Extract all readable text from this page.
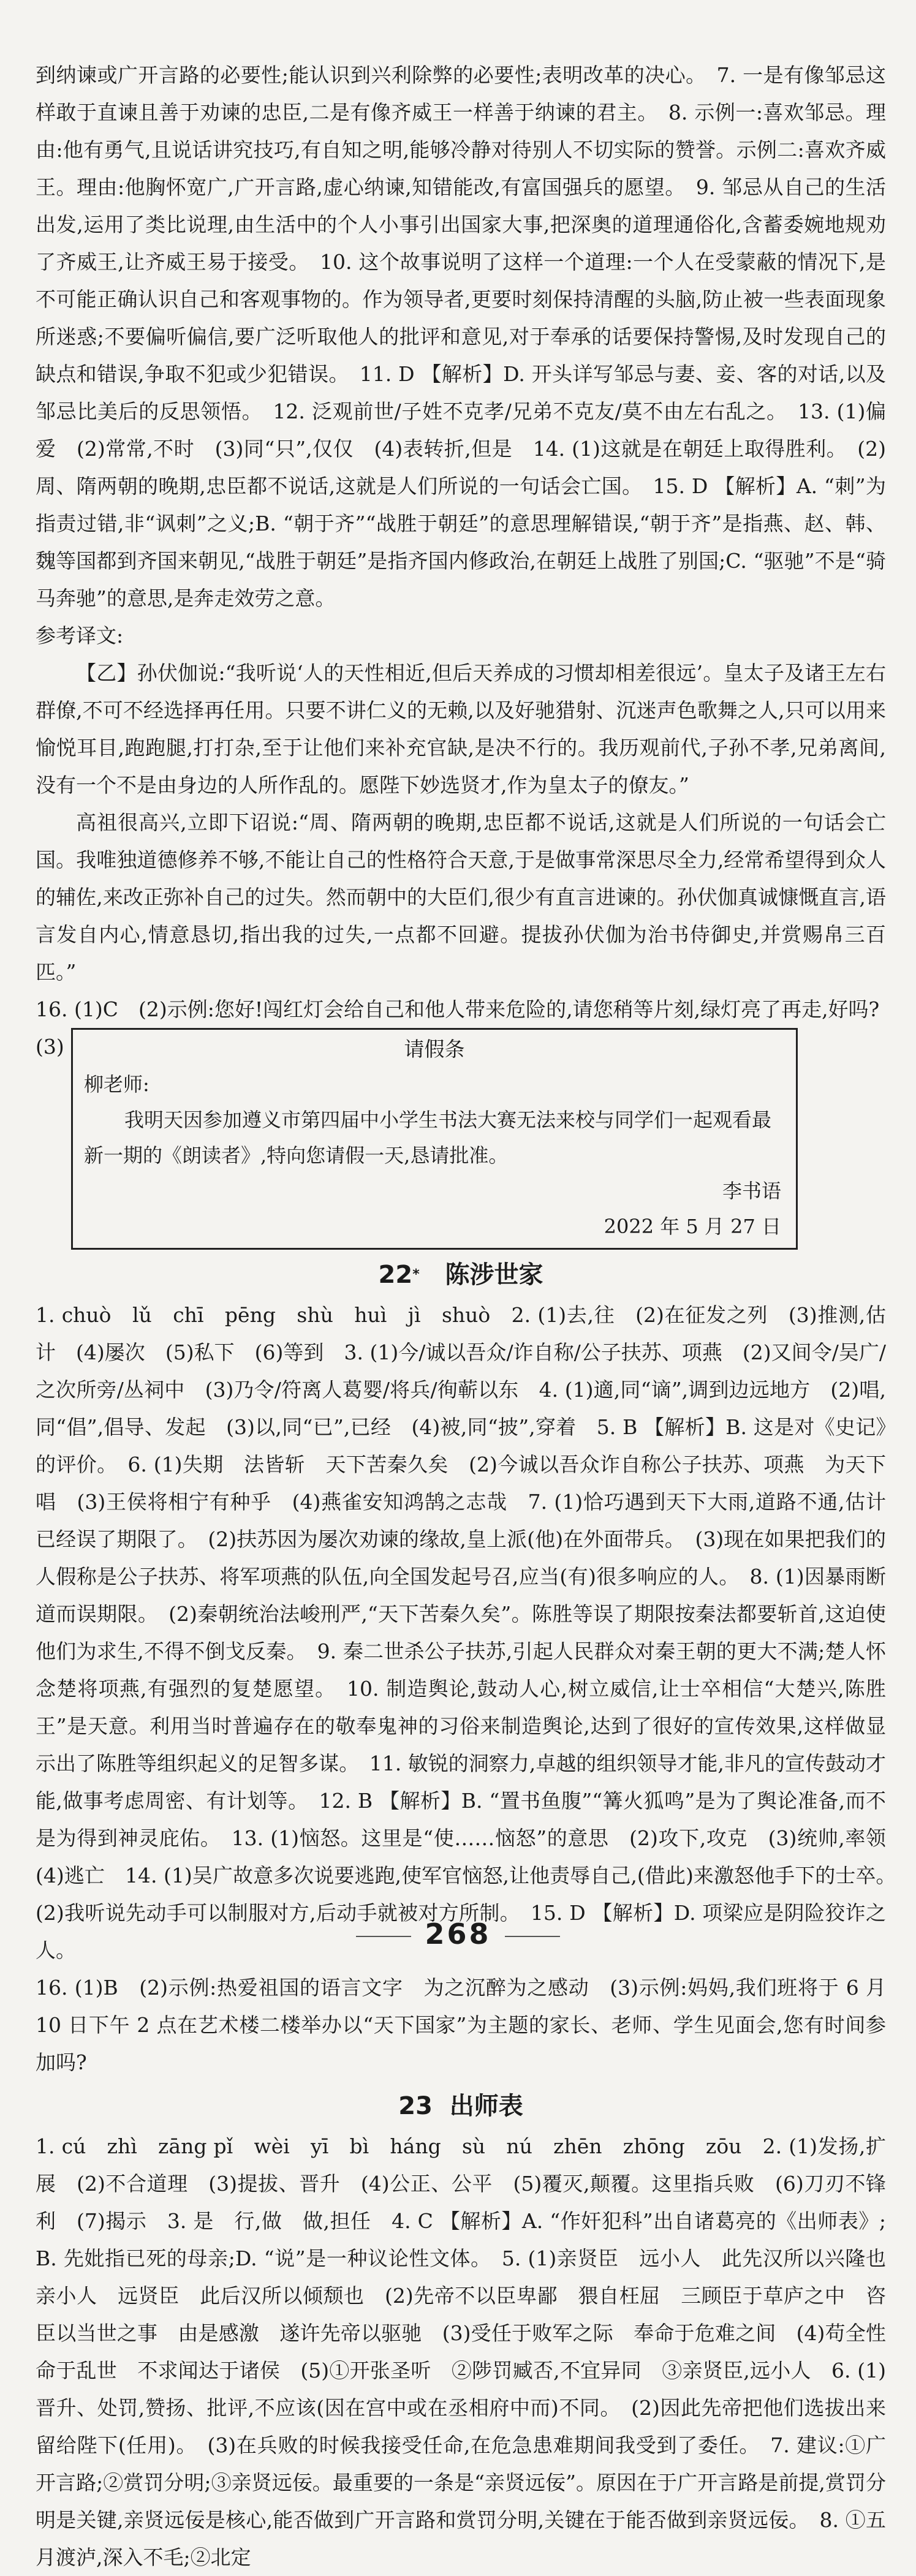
到纳谏或广开言路的必要性;能认识到兴利除弊的必要性;表明改革的决心。　7. 一是有像邹忌这样敢于直谏且善于劝谏的忠臣,二是有像齐威王一样善于纳谏的君主。　8. 示例一:喜欢邹忌。理由:他有勇气,且说话讲究技巧,有自知之明,能够冷静对待别人不切实际的赞誉。示例二:喜欢齐威王。理由:他胸怀宽广,广开言路,虚心纳谏,知错能改,有富国强兵的愿望。　9. 邹忌从自己的生活出发,运用了类比说理,由生活中的个人小事引出国家大事,把深奥的道理通俗化,含蓄委婉地规劝了齐威王,让齐威王易于接受。　10. 这个故事说明了这样一个道理:一个人在受蒙蔽的情况下,是不可能正确认识自己和客观事物的。作为领导者,更要时刻保持清醒的头脑,防止被一些表面现象所迷惑;不要偏听偏信,要广泛听取他人的批评和意见,对于奉承的话要保持警惕,及时发现自己的缺点和错误,争取不犯或少犯错误。　11. D 【解析】D. 开头详写邹忌与妻、妾、客的对话,以及邹忌比美后的反思领悟。　12. 泛观前世/子姓不克孝/兄弟不克友/莫不由左右乱之。　13. (1)偏爱　(2)常常,不时　(3)同“只”,仅仅　(4)表转折,但是　14. (1)这就是在朝廷上取得胜利。　(2)周、隋两朝的晚期,忠臣都不说话,这就是人们所说的一句话会亡国。　15. D 【解析】A. “刺”为指责过错,非“讽刺”之义;B. “朝于齐”“战胜于朝廷”的意思理解错误,“朝于齐”是指燕、赵、韩、魏等国都到齐国来朝见,“战胜于朝廷”是指齐国内修政治,在朝廷上战胜了别国;C. “驱驰”不是“骑马奔驰”的意思,是奔走效劳之意。

参考译文:

【乙】孙伏伽说:“我听说‘人的天性相近,但后天养成的习惯却相差很远’。皇太子及诸王左右群僚,不可不经选择再任用。只要不讲仁义的无赖,以及好驰猎射、沉迷声色歌舞之人,只可以用来愉悦耳目,跑跑腿,打打杂,至于让他们来补充官缺,是决不行的。我历观前代,子孙不孝,兄弟离间,没有一个不是由身边的人所作乱的。愿陛下妙选贤才,作为皇太子的僚友。”

高祖很高兴,立即下诏说:“周、隋两朝的晚期,忠臣都不说话,这就是人们所说的一句话会亡国。我唯独道德修养不够,不能让自己的性格符合天意,于是做事常深思尽全力,经常希望得到众人的辅佐,来改正弥补自己的过失。然而朝中的大臣们,很少有直言进谏的。孙伏伽真诚慷慨直言,语言发自内心,情意恳切,指出我的过失,一点都不回避。提拔孙伏伽为治书侍御史,并赏赐帛三百匹。”

16. (1)C　(2)示例:您好!闯红灯会给自己和他人带来危险的,请您稍等片刻,绿灯亮了再走,好吗?

(3)	请假条

柳老师:

我明天因参加遵义市第四届中小学生书法大赛无法来校与同学们一起观看最新一期的《朗读者》,特向您请假一天,恳请批准。

李书语

2022 年 5 月 27 日

22* 陈涉世家

1. chuò　lǔ　chī　pēng　shù　huì　jì　shuò　2. (1)去,往　(2)在征发之列　(3)推测,估计　(4)屡次　(5)私下　(6)等到　3. (1)今/诚以吾众/诈自称/公子扶苏、项燕　(2)又间令/吴广/之次所旁/丛祠中　(3)乃令/符离人葛婴/将兵/徇蕲以东　4. (1)適,同“谪”,调到边远地方　(2)唱,同“倡”,倡导、发起　(3)以,同“已”,已经　(4)被,同“披”,穿着　5. B 【解析】B. 这是对《史记》的评价。　6. (1)失期　法皆斩　天下苦秦久矣　(2)今诚以吾众诈自称公子扶苏、项燕　为天下唱　(3)王侯将相宁有种乎　(4)燕雀安知鸿鹄之志哉　7. (1)恰巧遇到天下大雨,道路不通,估计已经误了期限了。　(2)扶苏因为屡次劝谏的缘故,皇上派(他)在外面带兵。　(3)现在如果把我们的人假称是公子扶苏、将军项燕的队伍,向全国发起号召,应当(有)很多响应的人。　8. (1)因暴雨断道而误期限。　(2)秦朝统治法峻刑严,“天下苦秦久矣”。陈胜等误了期限按秦法都要斩首,这迫使他们为求生,不得不倒戈反秦。　9. 秦二世杀公子扶苏,引起人民群众对秦王朝的更大不满;楚人怀念楚将项燕,有强烈的复楚愿望。　10. 制造舆论,鼓动人心,树立威信,让士卒相信“大楚兴,陈胜王”是天意。利用当时普遍存在的敬奉鬼神的习俗来制造舆论,达到了很好的宣传效果,这样做显示出了陈胜等组织起义的足智多谋。　11. 敏锐的洞察力,卓越的组织领导才能,非凡的宣传鼓动才能,做事考虑周密、有计划等。　12. B 【解析】B. “置书鱼腹”“篝火狐鸣”是为了舆论准备,而不是为得到神灵庇佑。　13. (1)恼怒。这里是“使……恼怒”的意思　(2)攻下,攻克　(3)统帅,率领　(4)逃亡　14. (1)吴广故意多次说要逃跑,使军官恼怒,让他责辱自己,(借此)来激怒他手下的士卒。　(2)我听说先动手可以制服对方,后动手就被对方所制。　15. D 【解析】D. 项梁应是阴险狡诈之人。

16. (1)B　(2)示例:热爱祖国的语言文字　为之沉醉为之感动　(3)示例:妈妈,我们班将于 6 月 10 日下午 2 点在艺术楼二楼举办以“天下国家”为主题的家长、老师、学生见面会,您有时间参加吗?

23 出师表

1. cú　zhì　zāng pǐ　wèi　yī　bì　háng　sù　nú　zhēn　zhōng　zōu　2. (1)发扬,扩展　(2)不合道理　(3)提拔、晋升　(4)公正、公平　(5)覆灭,颠覆。这里指兵败　(6)刀刃不锋利　(7)揭示　3. 是　行,做　做,担任　4. C 【解析】A. “作奸犯科”出自诸葛亮的《出师表》;B. 先妣指已死的母亲;D. “说”是一种议论性文体。　5. (1)亲贤臣　远小人　此先汉所以兴隆也　亲小人　远贤臣　此后汉所以倾颓也　(2)先帝不以臣卑鄙　猥自枉屈　三顾臣于草庐之中　咨臣以当世之事　由是感激　遂许先帝以驱驰　(3)受任于败军之际　奉命于危难之间　(4)苟全性命于乱世　不求闻达于诸侯　(5)①开张圣听　②陟罚臧否,不宜异同　③亲贤臣,远小人　6. (1)晋升、处罚,赞扬、批评,不应该(因在宫中或在丞相府中而)不同。　(2)因此先帝把他们选拔出来留给陛下(任用)。　(3)在兵败的时候我接受任命,在危急患难期间我受到了委任。　7. 建议:①广开言路;②赏罚分明;③亲贤远佞。最重要的一条是“亲贤远佞”。原因在于广开言路是前提,赏罚分明是关键,亲贤远佞是核心,能否做到广开言路和赏罚分明,关键在于能否做到亲贤远佞。　8. ①五月渡泸,深入不毛;②北定

268
